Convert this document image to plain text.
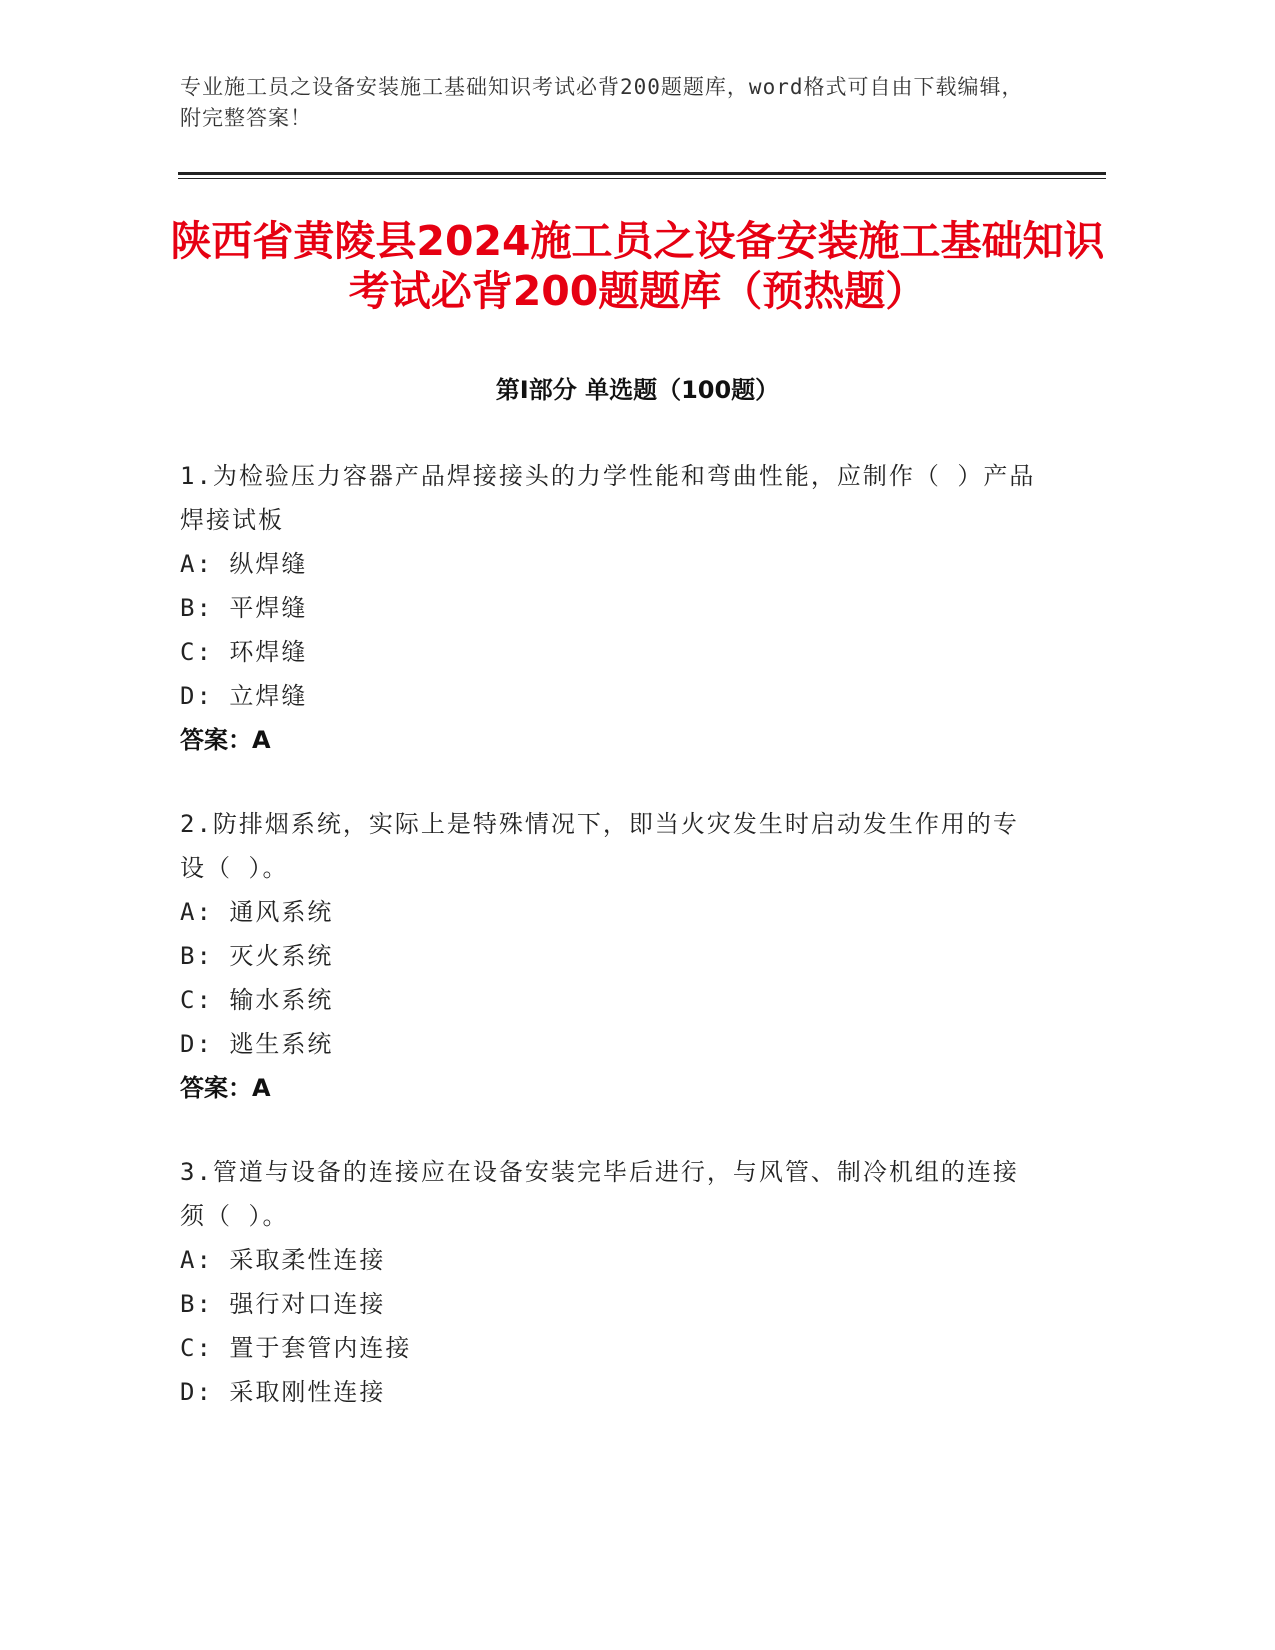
专业施工员之设备安装施工基础知识考试必背200题题库，word格式可自由下载编辑，附完整答案！
陕西省黄陵县2024施工员之设备安装施工基础知识考试必背200题题库（预热题）
第I部分 单选题（100题）
1.为检验压力容器产品焊接接头的力学性能和弯曲性能，应制作（ ）产品焊接试板
A: 纵焊缝
B: 平焊缝
C: 环焊缝
D: 立焊缝
答案：A
2.防排烟系统，实际上是特殊情况下，即当火灾发生时启动发生作用的专设（ ）。
A: 通风系统
B: 灭火系统
C: 输水系统
D: 逃生系统
答案：A
3.管道与设备的连接应在设备安装完毕后进行，与风管、制冷机组的连接须（ ）。
A: 采取柔性连接
B: 强行对口连接
C: 置于套管内连接
D: 采取刚性连接
